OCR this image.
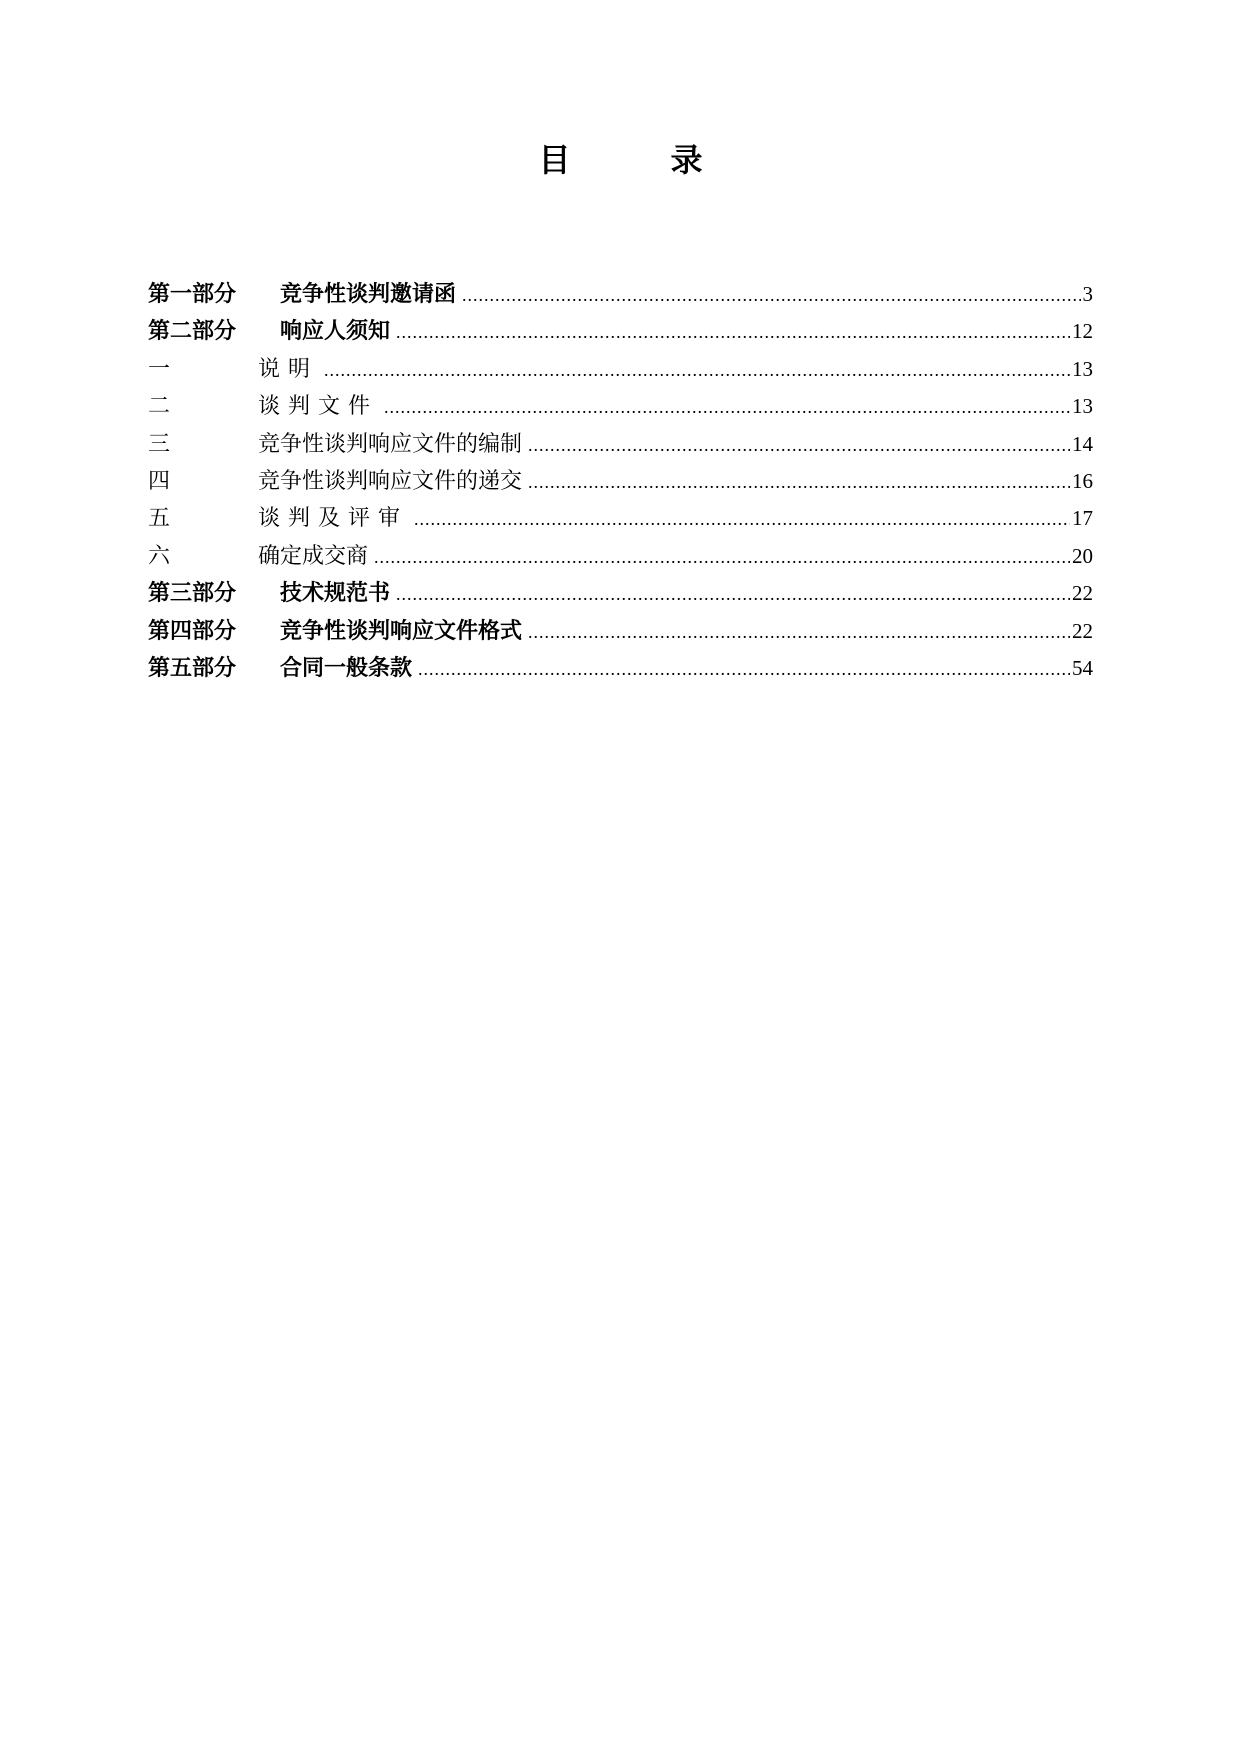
目　录
第一部分	竞争性谈判邀请函 .....	3
第二部分	响应人须知 .....	12
一	说明 .....	13
二	谈判文件 .....	13
三	竞争性谈判响应文件的编制 .....	14
四	竞争性谈判响应文件的递交 .....	16
五	谈判及评审 .....	17
六	确定成交商 .....	20
第三部分	技术规范书 .....	22
第四部分	竞争性谈判响应文件格式 .....	22
第五部分	合同一般条款 .....	54
